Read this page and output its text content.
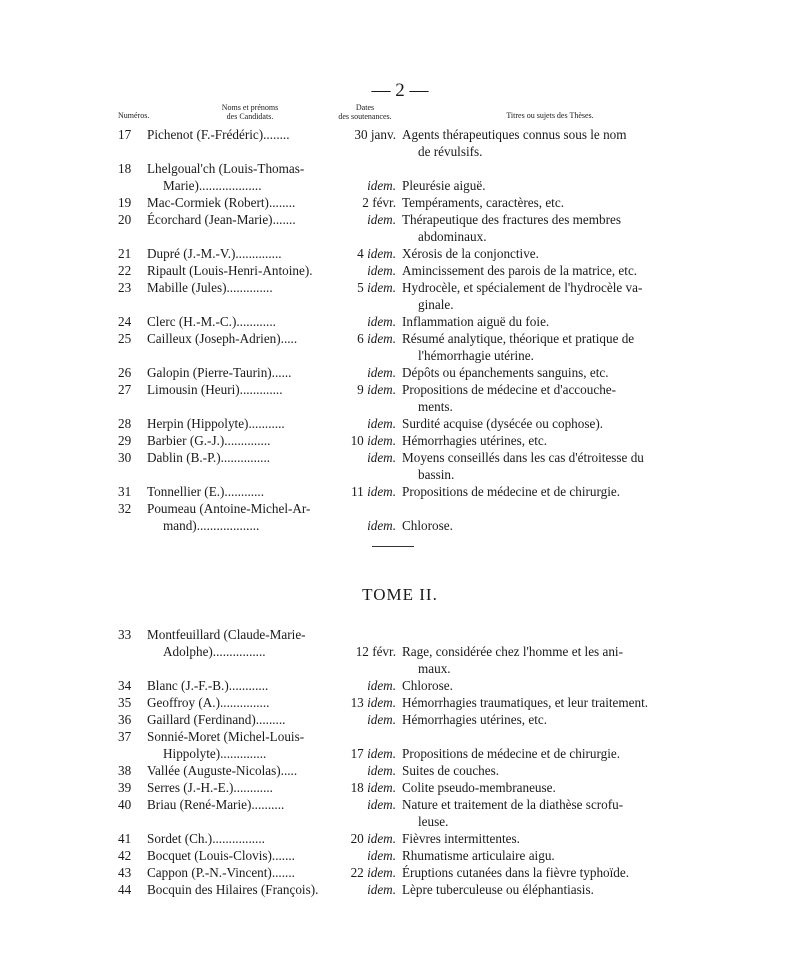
— 2 —
Numéros.
Noms et prénoms
des Candidats.
Dates
des soutenances.	Titres ou sujets des Thèses.
17	Pichenot (F.-Frédéric)........	30 janv. Agents thérapeutiques connus sous le nom
de révulsifs.
18	Lhelgoual'ch (Louis-Thomas-
Marie)...................	idem. Pleurésie aiguë.
19	Mac-Cormiek (Robert)........	2 févr. Tempéraments, caractères, etc.
20	Écorchard (Jean-Marie).......	idem. Thérapeutique des fractures des membres
abdominaux.
21	Dupré (J.-M.-V.)..............	4 idem. Xérosis de la conjonctive.
22	Ripault (Louis-Henri-Antoine).	idem. Amincissement des parois de la matrice, etc.
23	Mabille (Jules)..............	5 idem. Hydrocèle, et spécialement de l'hydrocèle va-
ginale.
24	Clerc (H.-M.-C.)............	idem. Inflammation aiguë du foie.
25	Cailleux (Joseph-Adrien).....	6 idem. Résumé analytique, théorique et pratique de
l'hémorrhagie utérine.
26	Galopin (Pierre-Taurin)......	idem. Dépôts ou épanchements sanguins, etc.
27	Limousin (Heuri).............	9 idem. Propositions de médecine et d'accouche-
ments.
28	Herpin (Hippolyte)...........	idem. Surdité acquise (dysécée ou cophose).
29	Barbier (G.-J.)..............	10 idem. Hémorrhagies utérines, etc.
30	Dablin (B.-P.)...............	idem. Moyens conseillés dans les cas d'étroitesse du
bassin.
31	Tonnellier (E.)............	11 idem. Propositions de médecine et de chirurgie.
32	Poumeau (Antoine-Michel-Ar-
mand)...................	idem. Chlorose.
TOME II.
33	Montfeuillard (Claude-Marie-
Adolphe)................	12 févr. Rage, considérée chez l'homme et les ani-
maux.
34	Blanc (J.-F.-B.)............	idem. Chlorose.
35	Geoffroy (A.)...............	13 idem. Hémorrhagies traumatiques, et leur traitement.
36	Gaillard (Ferdinand).........	idem. Hémorrhagies utérines, etc.
37	Sonnié-Moret (Michel-Louis-
Hippolyte)..............	17 idem. Propositions de médecine et de chirurgie.
38	Vallée (Auguste-Nicolas).....	idem. Suites de couches.
39	Serres (J.-H.-E.)............	18 idem. Colite pseudo-membraneuse.
40	Briau (René-Marie)..........	idem. Nature et traitement de la diathèse scrofu-
leuse.
41	Sordet (Ch.)................	20 idem. Fièvres intermittentes.
42	Bocquet (Louis-Clovis).......	idem. Rhumatisme articulaire aigu.
43	Cappon (P.-N.-Vincent).......	22 idem. Éruptions cutanées dans la fièvre typhoïde.
44	Bocquin des Hilaires (François).	idem. Lèpre tuberculeuse ou éléphantiasis.
